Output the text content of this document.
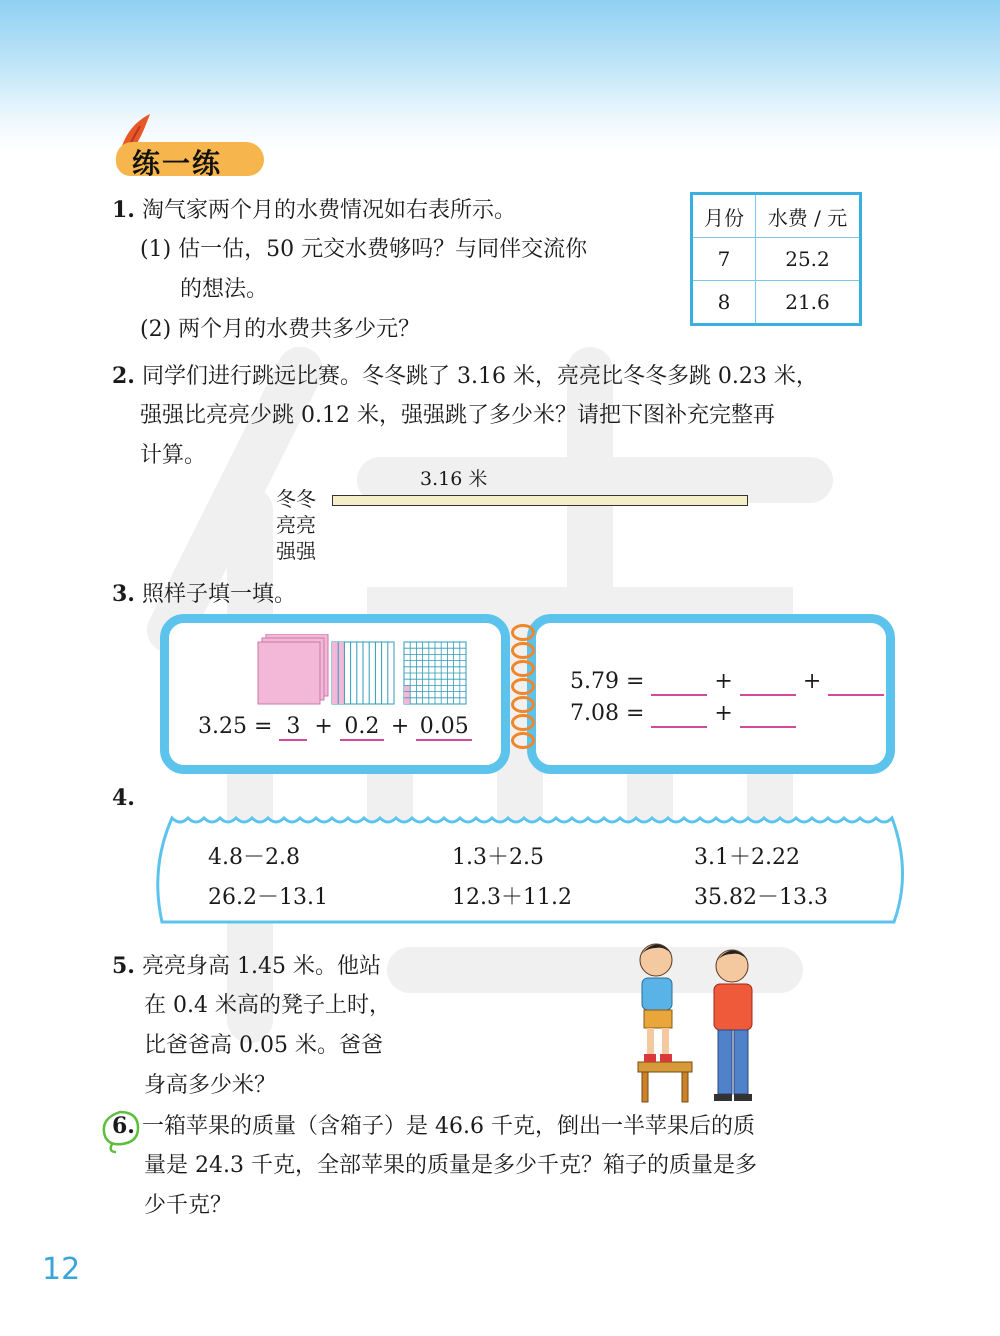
练一练
1. 淘气家两个月的水费情况如右表所示。
(1) 估一估，50 元交水费够吗？与同伴交流你
的想法。
(2) 两个月的水费共多少元？
月份	水费 / 元
7	25.2
8	21.6
2. 同学们进行跳远比赛。冬冬跳了 3.16 米，亮亮比冬冬多跳 0.23 米，
强强比亮亮少跳 0.12 米，强强跳了多少米？请把下图补充完整再
计算。
3.16 米
冬冬
亮亮
强强
3. 照样子填一填。
3.25 = 3 + 0.2 + 0.05
5.79 =	+	+
7.08 =	+
4.
4.8－2.8	1.3＋2.5	3.1＋2.22
26.2－13.1	12.3＋11.2	35.82－13.3
5. 亮亮身高 1.45 米。他站
在 0.4 米高的凳子上时，
比爸爸高 0.05 米。爸爸
身高多少米？
6. 一箱苹果的质量（含箱子）是 46.6 千克，倒出一半苹果后的质
量是 24.3 千克，全部苹果的质量是多少千克？箱子的质量是多
少千克？
12
